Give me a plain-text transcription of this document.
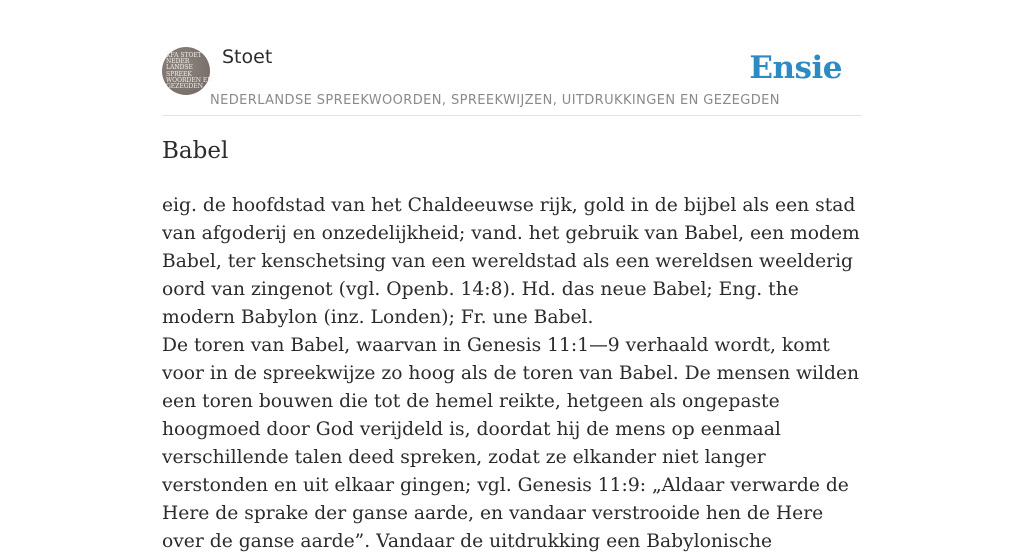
KFA STOET
NEDER
LANDSE
SPREEK
WOORDEN EN
GEZEGDEN
Stoet
NEDERLANDSE SPREEKWOORDEN, SPREEKWIJZEN, UITDRUKKINGEN EN GEZEGDEN
Ensie
Babel

eig. de hoofdstad van het Chaldeeuwse rijk, gold in de bijbel als een stad van afgoderij en onzedelijkheid; vand. het gebruik van Babel, een modem Babel, ter kenschetsing van een wereldstad als een wereldsen weelderig oord van zingenot (vgl. Openb. 14:8). Hd. das neue Babel; Eng. the modern Babylon (inz. Londen); Fr. une Babel.

De toren van Babel, waarvan in Genesis 11:1—9 verhaald wordt, komt voor in de spreekwijze zo hoog als de toren van Babel. De mensen wilden een toren bouwen die tot de hemel reikte, hetgeen als ongepaste hoogmoed door God verijdeld is, doordat hij de mens op eenmaal verschillende talen deed spreken, zodat ze elkander niet langer verstonden en uit elkaar gingen; vgl. Genesis 11:9: „Aldaar verwarde de Here de sprake der ganse aarde, en vandaar verstrooide hen de Here over de ganse aarde”. Vandaar de uitdrukking een Babylonische
